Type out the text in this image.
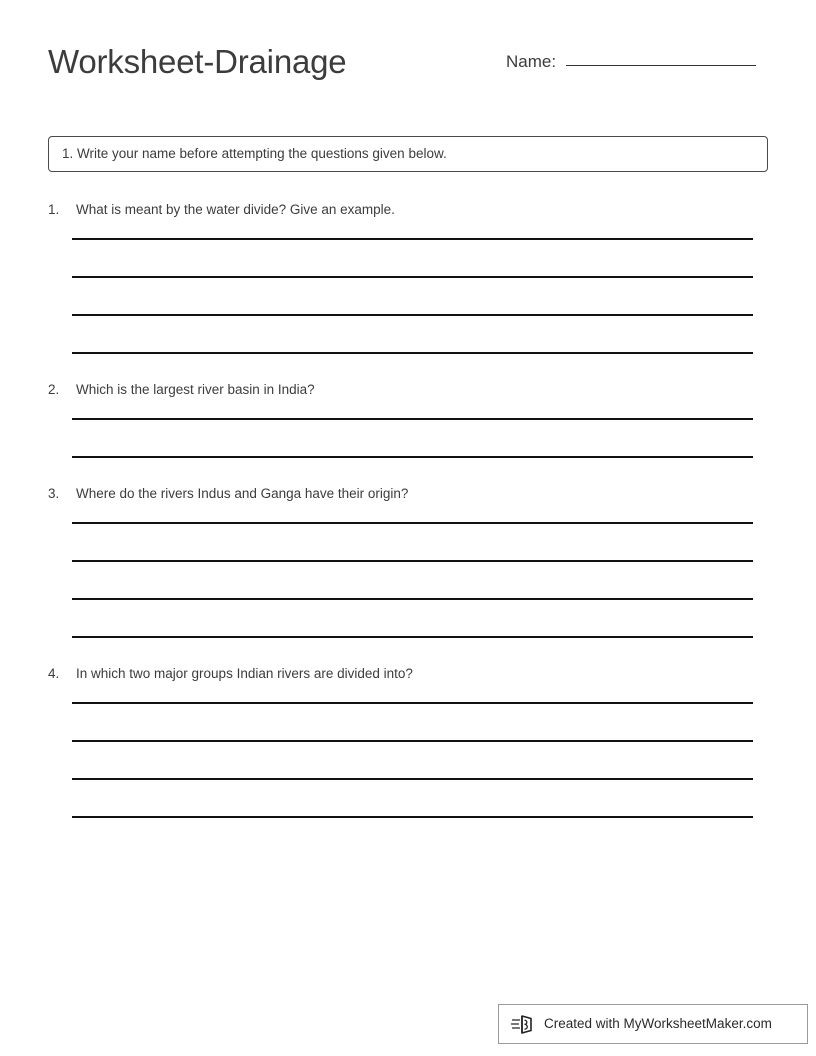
Worksheet-Drainage	Name:
1. Write your name before attempting the questions given below.
1.	What is meant by the water divide? Give an example.
2.	Which is the largest river basin in India?
3.	Where do the rivers Indus and Ganga have their origin?
4.	In which two major groups Indian rivers are divided into?
Created with MyWorksheetMaker.com
